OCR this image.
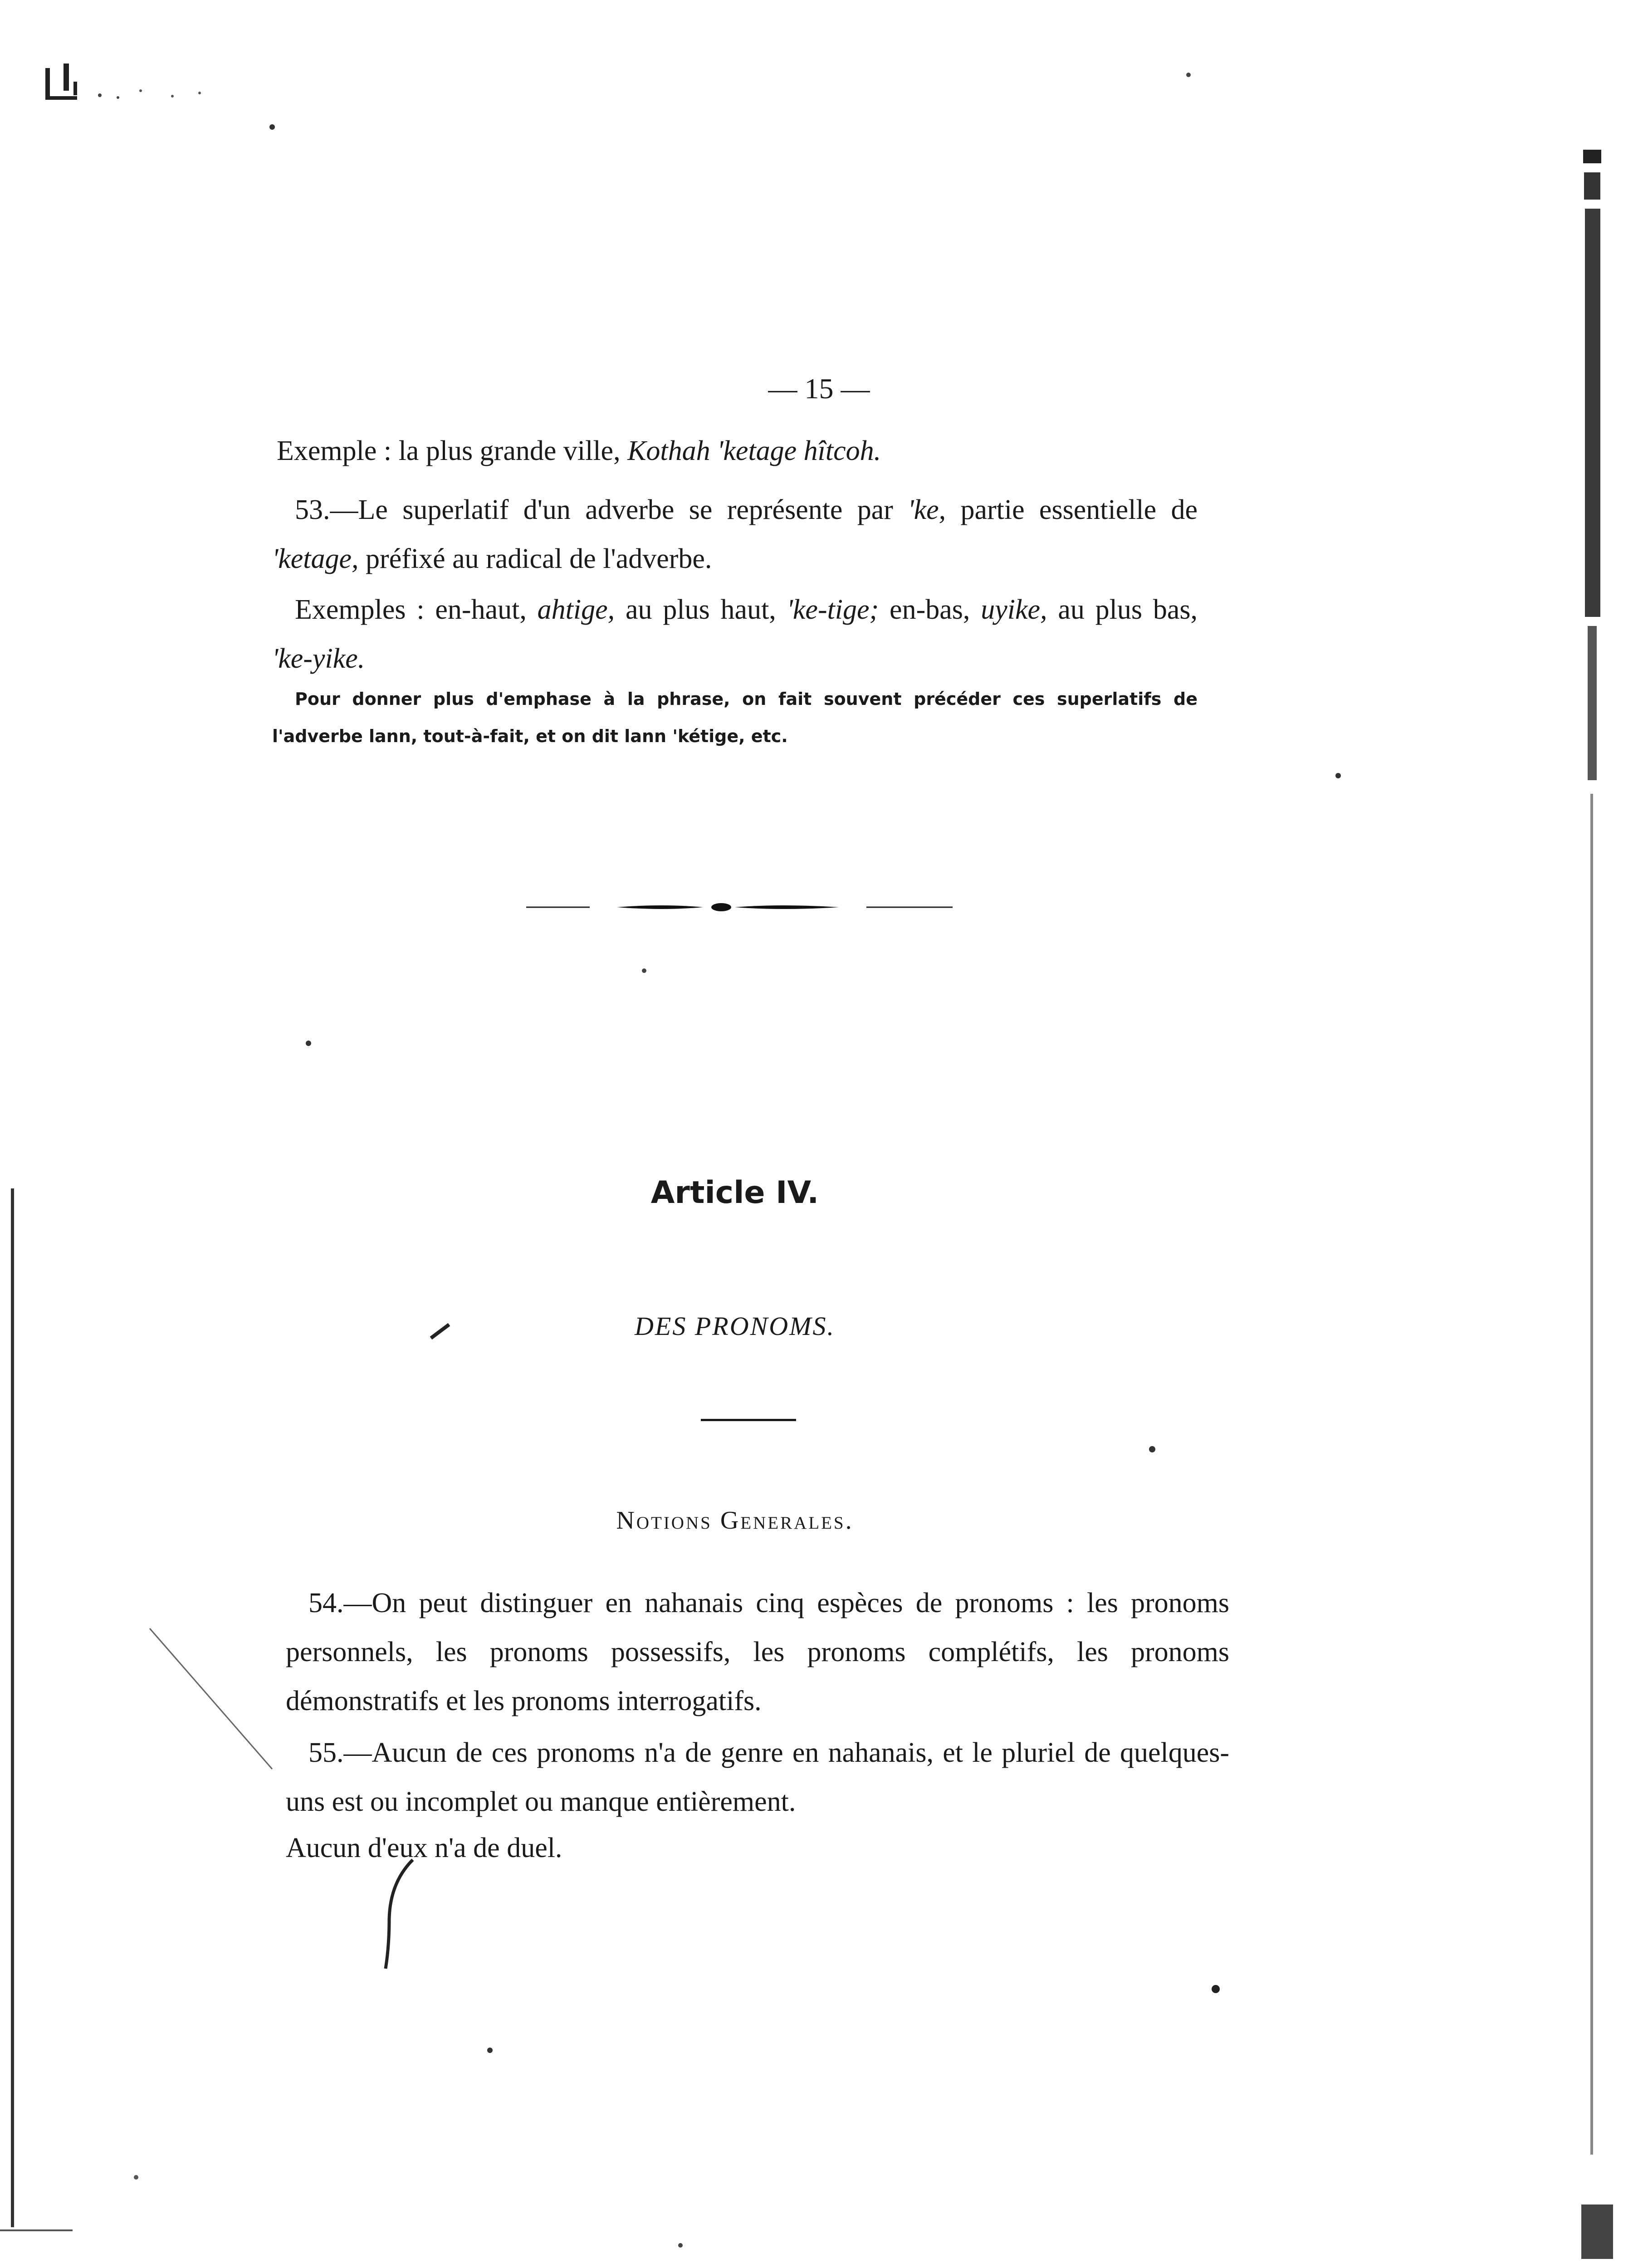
— 15 —

Exemple : la plus grande ville, Kothah 'ketage hîtcoh.

53.—Le superlatif d'un adverbe se représente par 'ke, partie essentielle de 'ketage, préfixé au radical de l'adverbe.

Exemples : en-haut, ahtige, au plus haut, 'ke-tige; en-bas, uyike, au plus bas, 'ke-yike.

Pour donner plus d'emphase à la phrase, on fait souvent précéder ces superlatifs de l'adverbe lann, tout-à-fait, et on dit lann 'kétige, etc.

Article IV.
DES PRONOMS.
Notions Generales.

54.—On peut distinguer en nahanais cinq espèces de pronoms : les pronoms personnels, les pronoms possessifs, les pronoms complétifs, les pronoms démonstratifs et les pronoms interrogatifs.

55.—Aucun de ces pronoms n'a de genre en nahanais, et le pluriel de quelques-uns est ou incomplet ou manque entièrement.

Aucun d'eux n'a de duel.
